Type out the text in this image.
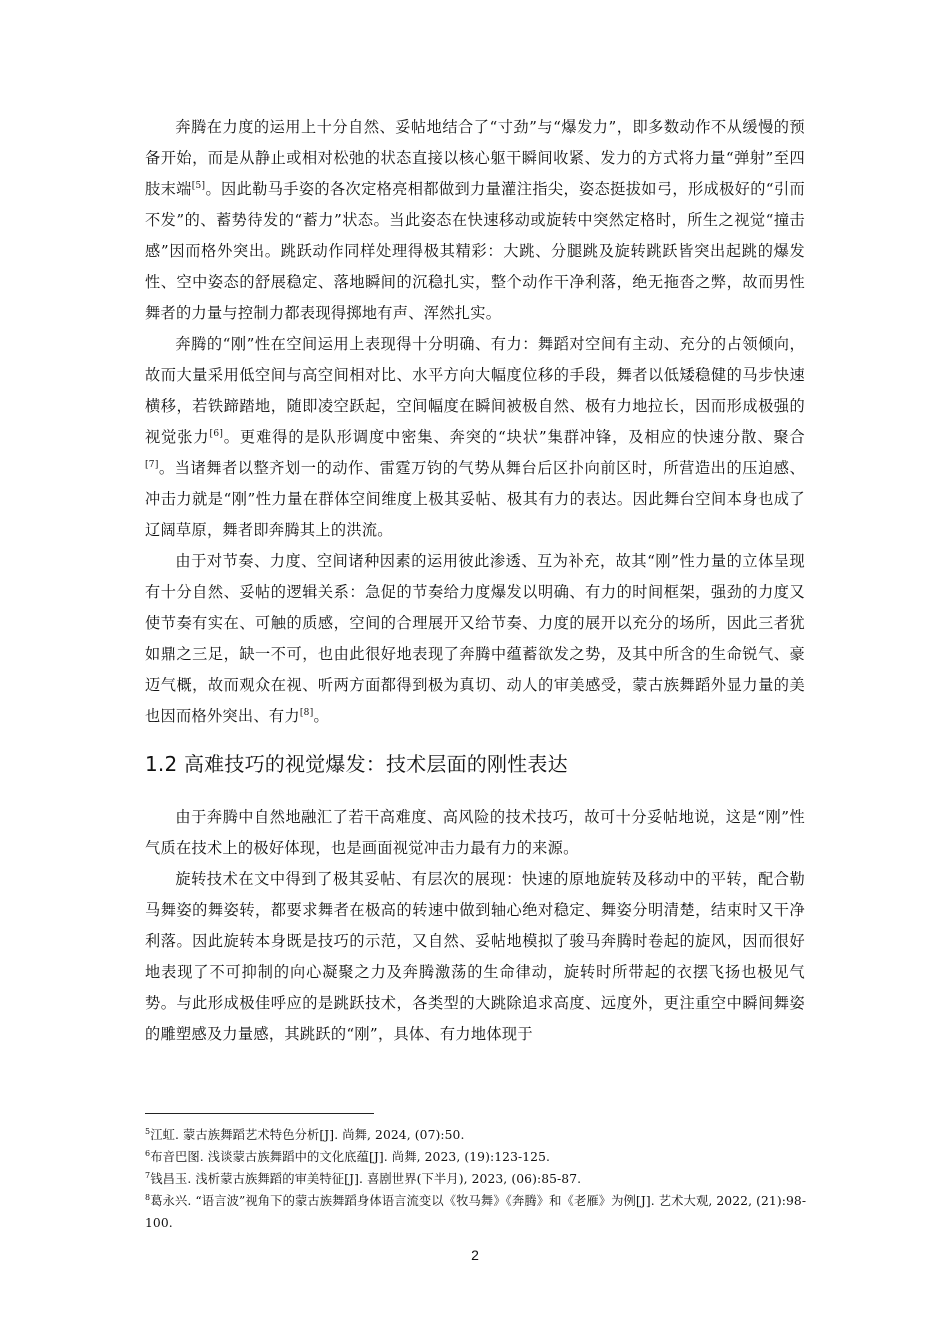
奔腾在力度的运用上十分自然、妥帖地结合了“寸劲”与“爆发力”，即多数动作不从缓慢的预备开始，而是从静止或相对松弛的状态直接以核心躯干瞬间收紧、发力的方式将力量“弹射”至四肢末端[5]。因此勒马手姿的各次定格亮相都做到力量灌注指尖，姿态挺拔如弓，形成极好的“引而不发”的、蓄势待发的“蓄力”状态。当此姿态在快速移动或旋转中突然定格时，所生之视觉“撞击感”因而格外突出。跳跃动作同样处理得极其精彩：大跳、分腿跳及旋转跳跃皆突出起跳的爆发性、空中姿态的舒展稳定、落地瞬间的沉稳扎实，整个动作干净利落，绝无拖沓之弊，故而男性舞者的力量与控制力都表现得掷地有声、浑然扎实。

奔腾的“刚”性在空间运用上表现得十分明确、有力：舞蹈对空间有主动、充分的占领倾向，故而大量采用低空间与高空间相对比、水平方向大幅度位移的手段，舞者以低矮稳健的马步快速横移，若铁蹄踏地，随即凌空跃起，空间幅度在瞬间被极自然、极有力地拉长，因而形成极强的视觉张力[6]。更难得的是队形调度中密集、奔突的“块状”集群冲锋，及相应的快速分散、聚合[7]。当诸舞者以整齐划一的动作、雷霆万钧的气势从舞台后区扑向前区时，所营造出的压迫感、冲击力就是“刚”性力量在群体空间维度上极其妥帖、极其有力的表达。因此舞台空间本身也成了辽阔草原，舞者即奔腾其上的洪流。

由于对节奏、力度、空间诸种因素的运用彼此渗透、互为补充，故其“刚”性力量的立体呈现有十分自然、妥帖的逻辑关系：急促的节奏给力度爆发以明确、有力的时间框架，强劲的力度又使节奏有实在、可触的质感，空间的合理展开又给节奏、力度的展开以充分的场所，因此三者犹如鼎之三足，缺一不可，也由此很好地表现了奔腾中蕴蓄欲发之势，及其中所含的生命锐气、豪迈气概，故而观众在视、听两方面都得到极为真切、动人的审美感受，蒙古族舞蹈外显力量的美也因而格外突出、有力[8]。

1.2 高难技巧的视觉爆发：技术层面的刚性表达

由于奔腾中自然地融汇了若干高难度、高风险的技术技巧，故可十分妥帖地说，这是“刚”性气质在技术上的极好体现，也是画面视觉冲击力最有力的来源。

旋转技术在文中得到了极其妥帖、有层次的展现：快速的原地旋转及移动中的平转，配合勒马舞姿的舞姿转，都要求舞者在极高的转速中做到轴心绝对稳定、舞姿分明清楚，结束时又干净利落。因此旋转本身既是技巧的示范，又自然、妥帖地模拟了骏马奔腾时卷起的旋风，因而很好地表现了不可抑制的向心凝聚之力及奔腾激荡的生命律动，旋转时所带起的衣摆飞扬也极见气势。与此形成极佳呼应的是跳跃技术，各类型的大跳除追求高度、远度外，更注重空中瞬间舞姿的雕塑感及力量感，其跳跃的“刚”，具体、有力地体现于

$^5$江虹. 蒙古族舞蹈艺术特色分析[J]. 尚舞, 2024, (07):50.

$^6$布音巴图. 浅谈蒙古族舞蹈中的文化底蕴[J]. 尚舞, 2023, (19):123-125.

$^7$钱昌玉. 浅析蒙古族舞蹈的审美特征[J]. 喜剧世界(下半月), 2023, (06):85-87.

$^8$葛永兴. “语言波”视角下的蒙古族舞蹈身体语言流变以《牧马舞》《奔腾》和《老雁》为例[J]. 艺术大观, 2022, (21):98-100.

2
